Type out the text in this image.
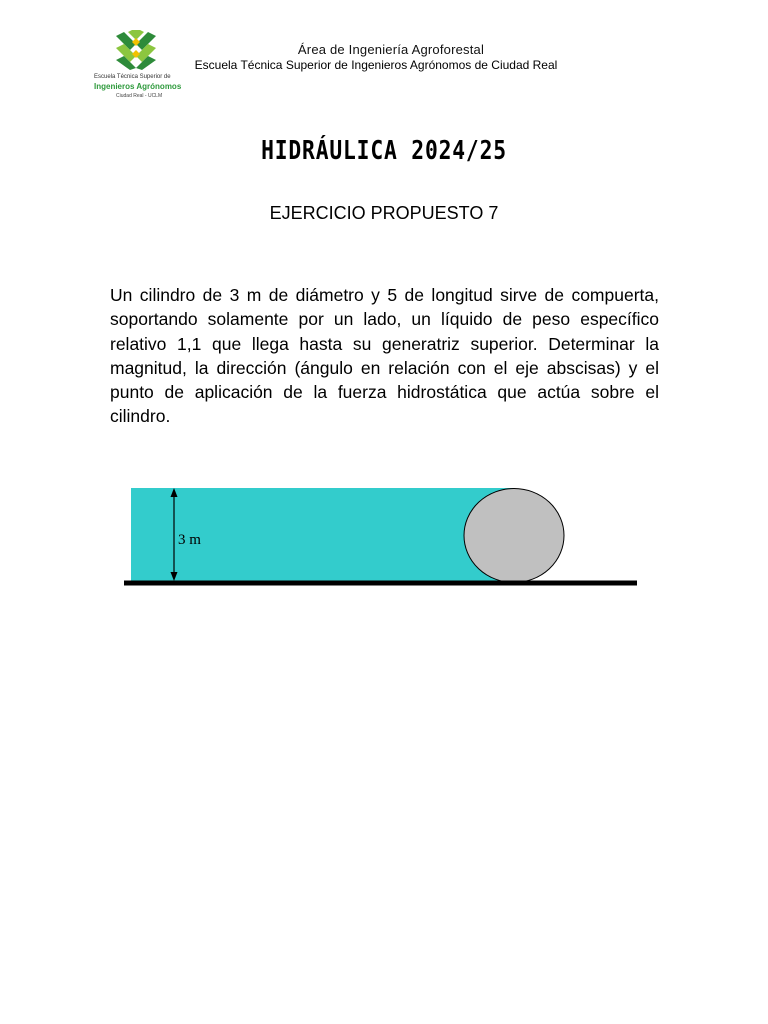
Escuela Técnica Superior de
Ingenieros Agrónomos
Ciudad Real - UCLM
Área de Ingeniería Agroforestal
Escuela Técnica Superior de Ingenieros Agrónomos de Ciudad Real
HIDRÁULICA 2024/25
EJERCICIO PROPUESTO 7
Un cilindro de 3 m de diámetro y 5 de longitud sirve de compuerta, soportando solamente por un lado, un líquido de peso específico relativo 1,1 que llega hasta su generatriz superior. Determinar la magnitud, la dirección (ángulo en relación con el eje abscisas) y el punto de aplicación de la fuerza hidrostática que actúa sobre el cilindro.
3 m
